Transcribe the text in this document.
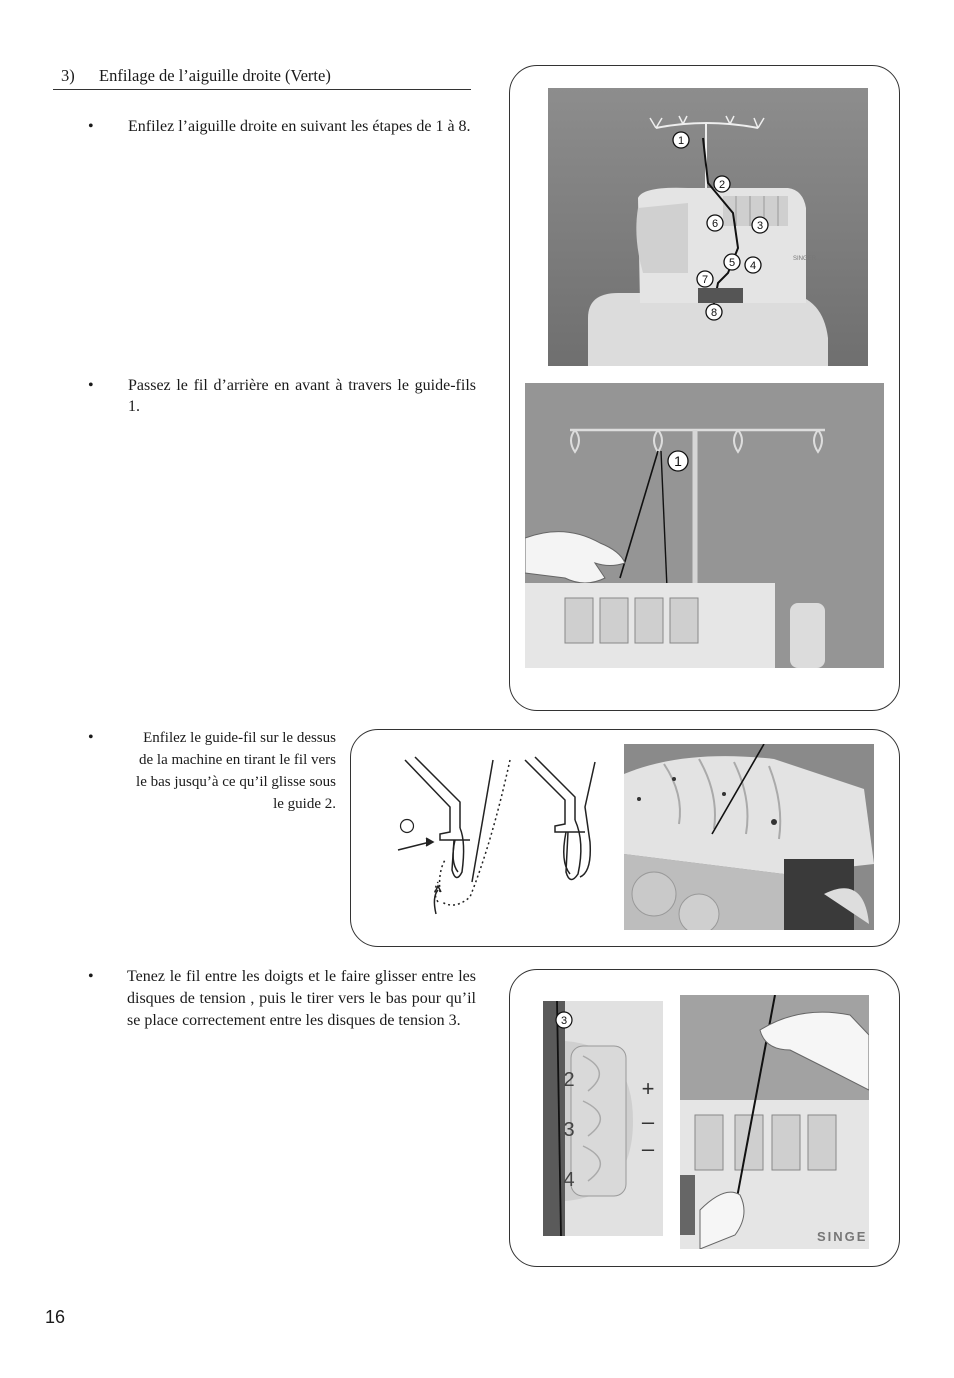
3) Enfilage de l’aiguille droite (Verte)
• Enfilez l’aiguille droite en suivant les étapes de 1 à 8.
• Passez le fil d’arrière en avant à travers le guide-fils 1.
•	Enfilez le guide-fil sur le dessus de la machine en tirant le fil vers le bas jusqu’à ce qu’il glisse sous le guide 2.
• Tenez le fil entre les doigts et le faire glisser entre les disques de tension , puis le tirer vers le bas pour qu’il se place correctement entre les disques de tension 3.
SINGER
1
2
3
4
5
6
7
8
1
2
3
4
+
–
–
3
SINGE
16
